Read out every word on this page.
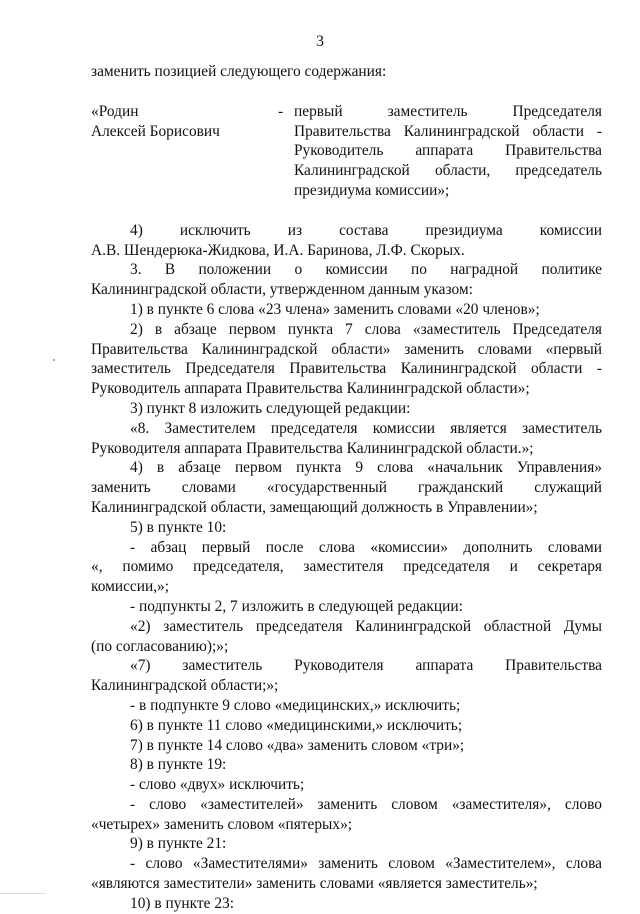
3

заменить позицией следующего содержания:

«Родин
Алексей Борисович
- первый заместитель Председателя
Правительства Калининградской области -
Руководитель аппарата Правительства
Калининградской области, председатель
президиума комиссии»;
4) исключить из состава президиума комиссии
А.В. Шендерюка-Жидкова, И.А. Баринова, Л.Ф. Скорых.
3. В положении о комиссии по наградной политике
Калининградской области, утвержденном данным указом:
1) в пункте 6 слова «23 члена» заменить словами «20 членов»;
2) в абзаце первом пункта 7 слова «заместитель Председателя
Правительства Калининградской области» заменить словами «первый
заместитель Председателя Правительства Калининградской области -
Руководитель аппарата Правительства Калининградской области»;
3) пункт 8 изложить следующей редакции:
«8. Заместителем председателя комиссии является заместитель
Руководителя аппарата Правительства Калининградской области.»;
4) в абзаце первом пункта 9 слова «начальник Управления»
заменить словами «государственный гражданский служащий
Калининградской области, замещающий должность в Управлении»;
5) в пункте 10:
- абзац первый после слова «комиссии» дополнить словами
«, помимо председателя, заместителя председателя и секретаря
комиссии,»;
- подпункты 2, 7 изложить в следующей редакции:
«2) заместитель председателя Калининградской областной Думы
(по согласованию);»;
«7) заместитель Руководителя аппарата Правительства
Калининградской области;»;
- в подпункте 9 слово «медицинских,» исключить;
6) в пункте 11 слово «медицинскими,» исключить;
7) в пункте 14 слово «два» заменить словом «три»;
8) в пункте 19:
- слово «двух» исключить;
- слово «заместителей» заменить словом «заместителя», слово
«четырех» заменить словом «пятерых»;
9) в пункте 21:
- слово «Заместителями» заменить словом «Заместителем», слова
«являются заместители» заменить словами «является заместитель»;
10) в пункте 23:
